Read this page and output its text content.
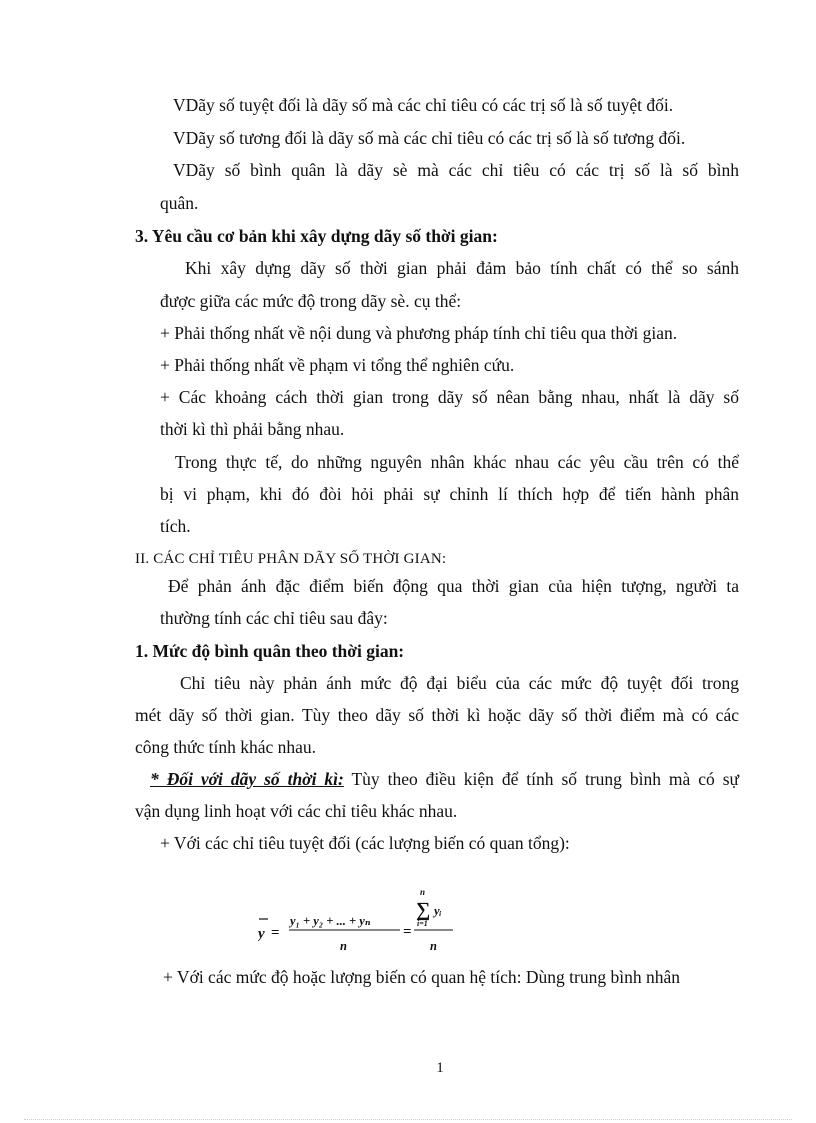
VDãy số tuyệt đối là dãy số mà các chỉ tiêu có các trị số là số tuyệt đối.
VDãy số tương đối là dãy số mà các chỉ tiêu có các trị số là số tương đối.
VDãy số bình quân là dãy sè mà các chỉ tiêu có các trị số là số bình
quân.
3. Yêu cầu cơ bản khi xây dựng dãy số thời gian:
Khi xây dựng dãy số thời gian phải đảm bảo tính chất có thể so sánh
được giữa các mức độ trong dãy sè. cụ thể:
+ Phải thống nhất về nội dung và phương pháp tính chỉ tiêu qua thời gian.
+ Phải thống nhất về phạm vi tổng thể nghiên cứu.
+ Các khoảng cách thời gian trong dãy số nêan bằng nhau, nhất là dãy số
thời kì thì phải bằng nhau.
Trong thực tế, do những nguyên nhân khác nhau các yêu cầu trên có thể
bị vi phạm, khi đó đòi hỏi phải sự chỉnh lí thích hợp để tiến hành phân
tích.
II. CÁC CHỈ TIÊU PHÂN DÃY SỐ THỜI GIAN:
Để phản ánh đặc điểm biến động qua thời gian của hiện tượng, người ta
thường tính các chỉ tiêu sau đây:
1. Mức độ bình quân theo thời gian:
Chỉ tiêu này phản ánh mức độ đại biểu của các mức độ tuyệt đối trong
mét dãy số thời gian. Tùy theo dãy số thời kì hoặc dãy số thời điểm mà có các
công thức tính khác nhau.
* Đối với dãy số thời kì: Tùy theo điều kiện để tính số trung bình mà có sự
vận dụng linh hoạt với các chỉ tiêu khác nhau.
+ Với các chỉ tiêu tuyệt đối (các lượng biến có quan tổng):
y =
y₁ + y₂ + ... + yₙ
n
=
n
∑
i=1
yᵢ
n
+ Với các mức độ hoặc lượng biến có quan hệ tích: Dùng trung bình nhân
1
